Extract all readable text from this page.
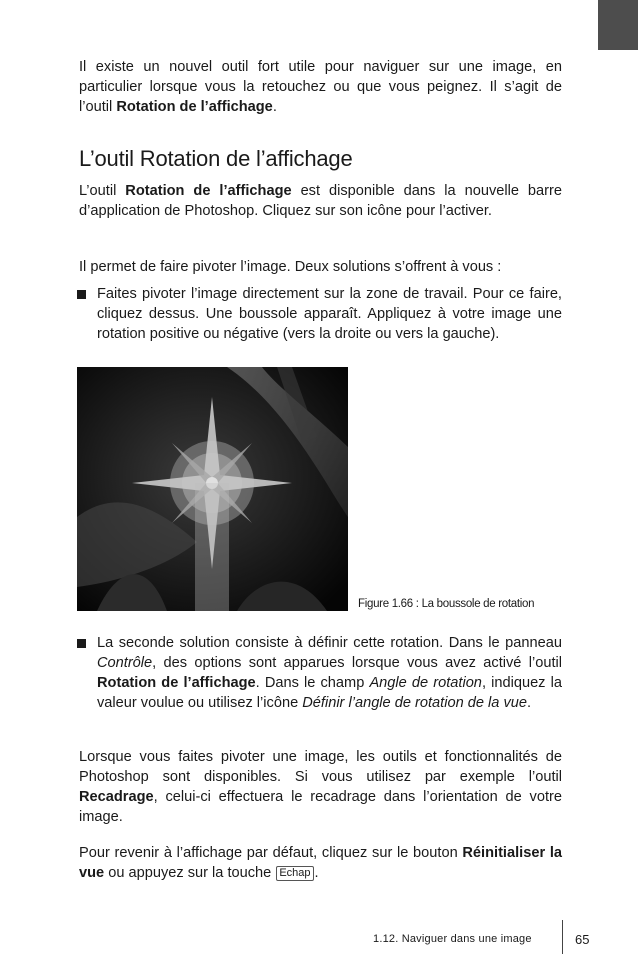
Il existe un nouvel outil fort utile pour naviguer sur une image, en particulier lorsque vous la retouchez ou que vous peignez. Il s’agit de l’outil Rotation de l’affichage.

L’outil Rotation de l’affichage

L’outil Rotation de l’affichage est disponible dans la nouvelle barre d’application de Photoshop. Cliquez sur son icône pour l’activer.

Il permet de faire pivoter l’image. Deux solutions s’offrent à vous :

Faites pivoter l’image directement sur la zone de travail. Pour ce faire, cliquez dessus. Une boussole apparaît. Appliquez à votre image une rotation positive ou négative (vers la droite ou vers la gauche).

Figure 1.66 : La boussole de rotation

La seconde solution consiste à définir cette rotation. Dans le panneau Contrôle, des options sont apparues lorsque vous avez activé l’outil Rotation de l’affichage. Dans le champ Angle de rotation, indiquez la valeur voulue ou utilisez l’icône Définir l’angle de rotation de la vue.

Lorsque vous faites pivoter une image, les outils et fonctionnalités de Photoshop sont disponibles. Si vous utilisez par exemple l’outil Recadrage, celui-ci effectuera le recadrage dans l’orientation de votre image.

Pour revenir à l’affichage par défaut, cliquez sur le bouton Réinitialiser la vue ou appuyez sur la touche Echap .

1.12. Naviguer dans une image	65
